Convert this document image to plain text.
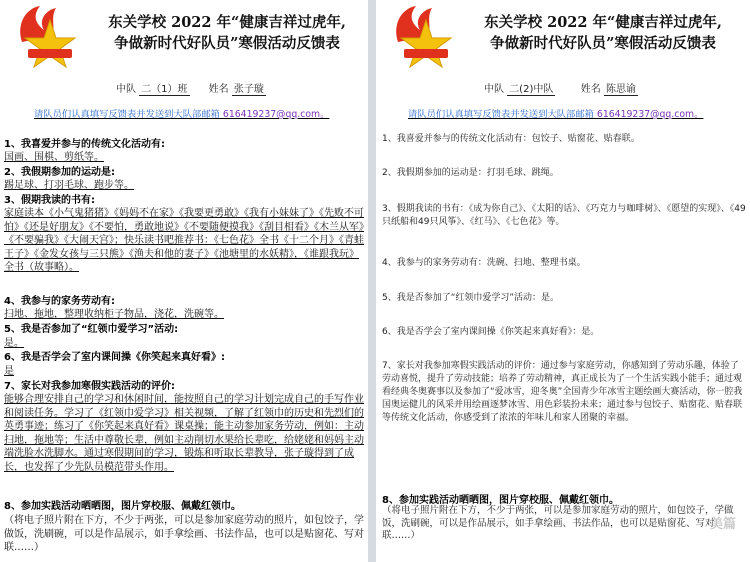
东关学校 2022 年“健康吉祥过虎年,
争做新时代好队员”寒假活动反馈表
中队 二（1）班 姓名 张子璇
请队员们认真填写反馈表并发送到大队部邮箱 616419237@qq.com。
1、我喜爱并参与的传统文化活动有:
国画、围棋、剪纸等。
2、我假期参加的运动是:
踢足球、打羽毛球、跑步等。
3、假期我读的书有:
家庭读本《小气鬼猪猪》《妈妈不在家》《我要更勇敢》《我有小妹妹了》《先败不可怕》《还是好朋友》《不要怕，勇敢地说》《不要随便摸我》《刮目相看》《木兰从军》《不要骗我》《大闹天宫》；快乐读书吧推荐书：《七色花》全书《十二个月》《青蛙王子》《金发女孩与三只熊》《渔夫和他的妻子》《池塘里的水妖精》，《谁跟我玩》全书（故事略）。
4、我参与的家务劳动有:
扫地、拖地，整理收纳柜子物品，浇花，洗碗等。
5、我是否参加了“红领巾爱学习”活动:
是。
6、我是否学会了室内课间操《你笑起来真好看》:
是
7、家长对我参加寒假实践活动的评价:
能够合理安排自己的学习和休闲时间，能按照自己的学习计划完成自己的手写作业和阅读任务。学习了《红领巾爱学习》相关视频，了解了红领巾的历史和先烈们的英勇事迹；练习了《你笑起来真好看》课桌操；能主动参加家务劳动，例如：主动扫地，拖地等；生活中尊敬长辈，例如主动削切水果给长辈吃，给姥姥和妈妈主动端洗脸水洗脚水。通过寒假期间的学习，锻炼和听取长辈教导，张子璇得到了成长，也发挥了少先队员模范带头作用。
8、参加实践活动晒晒图，图片穿校服、佩戴红领巾。
（将电子照片附在下方，不少于两张，可以是参加家庭劳动的照片，如包饺子，学做饭，洗刷碗，可以是作品展示，如手拿绘画、书法作品，也可以是贴窗花、写对联……）
东关学校 2022 年“健康吉祥过虎年,
争做新时代好队员”寒假活动反馈表
中队 二(2)中队	姓名 陈思谕
请队员们认真填写反馈表并发送到大队部邮箱 616419237@qq.com。
1、我喜爱并参与的传统文化活动有：包饺子、贴窗花、贴春联。
2、我假期参加的运动是：打羽毛球、跳绳。
3、假期我读的书有：《成为你自己》、《太阳的话》、《巧克力与咖啡树》、《愿望的实现》、《49只纸船和49只风筝》、《红马》、《七色花》等。
4、我参与的家务劳动有：洗碗、扫地、整理书桌。
5、我是否参加了“红领巾爱学习”活动：是。
6、我是否学会了室内课间操《你笑起来真好看》：是。
7、家长对我参加寒假实践活动的评价：通过参与家庭劳动，你感知到了劳动乐趣，体验了劳动喜悦，提升了劳动技能；培养了劳动精神，真正成长为了一个生活实践小能手；通过观看经典冬奥赛事以及参加了“爱冰雪，迎冬奥”全国青少年冰雪主题绘画大赛活动，你一腔我国奥运健儿的风采并用绘画逐梦冰雪、用色彩装扮未来；通过参与包饺子、贴窗花、贴春联等传统文化活动，你感受到了浓浓的年味儿和家人团聚的幸福。
8、参加实践活动晒晒图，图片穿校服、佩戴红领巾。
（将电子照片附在下方，不少于两张，可以是参加家庭劳动的照片，如包饺子，学做饭，洗刷碗，可以是作品展示，如手拿绘画、书法作品，也可以是贴窗花、写对联……）
美篇
